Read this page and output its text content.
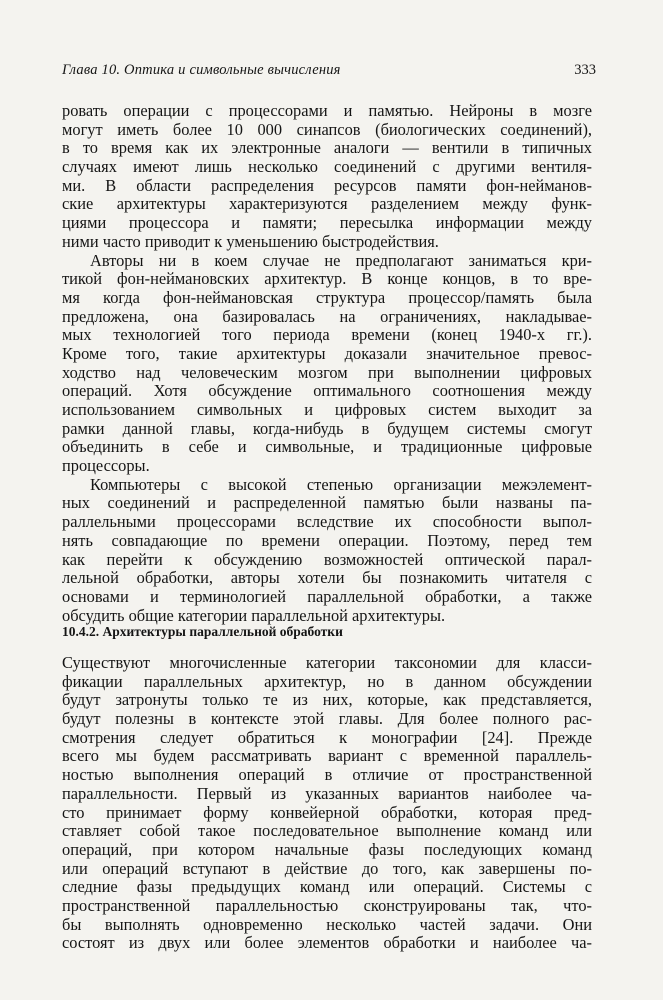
Глава 10. Оптика и символьные вычисления	333
ровать операции с процессорами и памятью. Нейроны в мозге
могут иметь более 10 000 синапсов (биологических соединений),
в то время как их электронные аналоги — вентили в типичных
случаях имеют лишь несколько соединений с другими вентиля-
ми. В области распределения ресурсов памяти фон-нейманов-
ские архитектуры характеризуются разделением между функ-
циями процессора и памяти; пересылка информации между
ними часто приводит к уменьшению быстродействия.
Авторы ни в коем случае не предполагают заниматься кри-
тикой фон-неймановских архитектур. В конце концов, в то вре-
мя когда фон-неймановская структура процессор/память была
предложена, она базировалась на ограничениях, накладывае-
мых технологией того периода времени (конец 1940-х гг.).
Кроме того, такие архитектуры доказали значительное превос-
ходство над человеческим мозгом при выполнении цифровых
операций. Хотя обсуждение оптимального соотношения между
использованием символьных и цифровых систем выходит за
рамки данной главы, когда-нибудь в будущем системы смогут
объединить в себе и символьные, и традиционные цифровые
процессоры.
Компьютеры с высокой степенью организации межэлемент-
ных соединений и распределенной памятью были названы па-
раллельными процессорами вследствие их способности выпол-
нять совпадающие по времени операции. Поэтому, перед тем
как перейти к обсуждению возможностей оптической парал-
лельной обработки, авторы хотели бы познакомить читателя с
основами и терминологией параллельной обработки, а также
обсудить общие категории параллельной архитектуры.
10.4.2. Архитектуры параллельной обработки
Существуют многочисленные категории таксономии для класси-
фикации параллельных архитектур, но в данном обсуждении
будут затронуты только те из них, которые, как представляется,
будут полезны в контексте этой главы. Для более полного рас-
смотрения следует обратиться к монографии [24]. Прежде
всего мы будем рассматривать вариант с временной параллель-
ностью выполнения операций в отличие от пространственной
параллельности. Первый из указанных вариантов наиболее ча-
сто принимает форму конвейерной обработки, которая пред-
ставляет собой такое последовательное выполнение команд или
операций, при котором начальные фазы последующих команд
или операций вступают в действие до того, как завершены по-
следние фазы предыдущих команд или операций. Системы с
пространственной параллельностью сконструированы так, что-
бы выполнять одновременно несколько частей задачи. Они
состоят из двух или более элементов обработки и наиболее ча-
